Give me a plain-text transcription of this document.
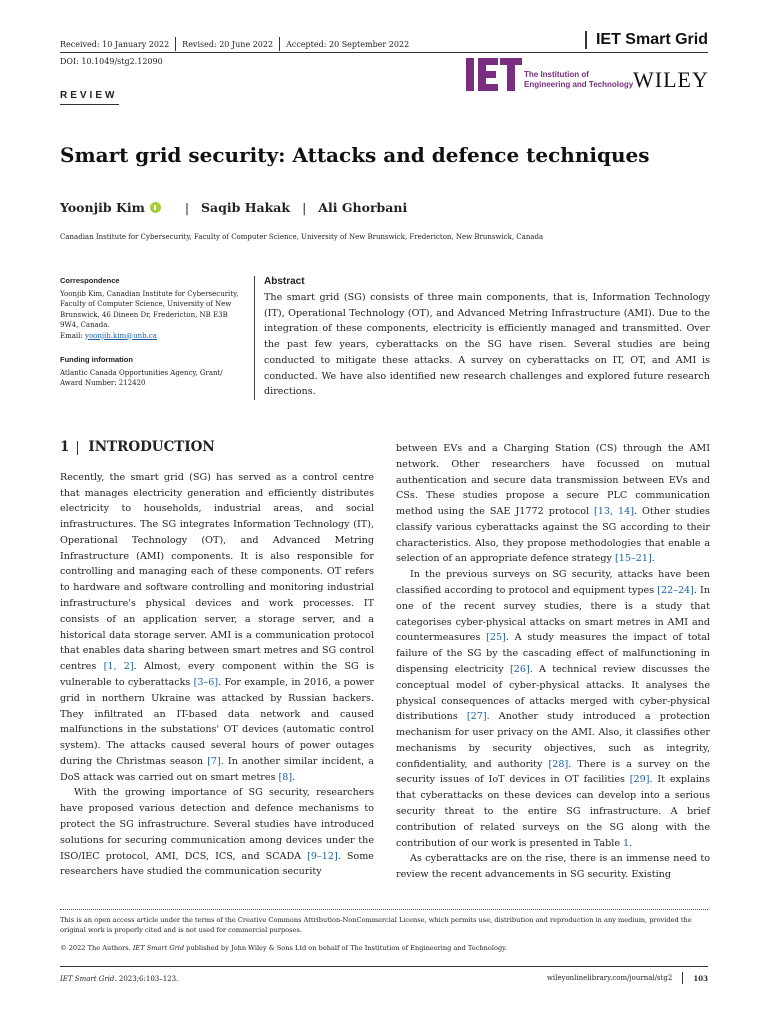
Received: 10 January 2022 Revised: 20 June 2022 Accepted: 20 September 2022	IET Smart Grid
DOI: 10.1049/stg2.12090
The Institution of
Engineering and Technology WILEY
REVIEW
Smart grid security: Attacks and defence techniques
Yoonjib Kim	| Saqib Hakak | Ali Ghorbani
Canadian Institute for Cybersecurity, Faculty of Computer Science, University of New Brunswick, Fredericton, New Brunswick, Canada
Correspondence
Yoonjib Kim, Canadian Institute for Cybersecurity, Faculty of Computer Science, University of New Brunswick, 46 Dineen Dr, Fredericton, NB E3B 9W4, Canada.
Email: yoonjib.kim@unb.ca
Funding information
Atlantic Canada Opportunities Agency, Grant/ Award Number: 212420
Abstract

The smart grid (SG) consists of three main components, that is, Information Technology (IT), Operational Technology (OT), and Advanced Metring Infrastructure (AMI). Due to the integration of these components, electricity is efficiently managed and transmitted. Over the past few years, cyberattacks on the SG have risen. Several studies are being conducted to mitigate these attacks. A survey on cyberattacks on IT, OT, and AMI is conducted. We have also identified new research challenges and explored future research directions.

1 INTRODUCTION

Recently, the smart grid (SG) has served as a control centre that manages electricity generation and efficiently distributes electricity to households, industrial areas, and social infrastructures. The SG integrates Information Technology (IT), Operational Technology (OT), and Advanced Metring Infrastructure (AMI) components. It is also responsible for controlling and managing each of these components. OT refers to hardware and software controlling and monitoring industrial infrastructure's physical devices and work processes. IT consists of an application server, a storage server, and a historical data storage server. AMI is a communication protocol that enables data sharing between smart metres and SG control centres [1, 2]. Almost, every component within the SG is vulnerable to cyberattacks [3–6]. For example, in 2016, a power grid in northern Ukraine was attacked by Russian hackers. They infiltrated an IT-based data network and caused malfunctions in the substations' OT devices (automatic control system). The attacks caused several hours of power outages during the Christmas season [7]. In another similar incident, a DoS attack was carried out on smart metres [8].

With the growing importance of SG security, researchers have proposed various detection and defence mechanisms to protect the SG infrastructure. Several studies have introduced solutions for securing communication among devices under the ISO/IEC protocol, AMI, DCS, ICS, and SCADA [9–12]. Some researchers have studied the communication security

between EVs and a Charging Station (CS) through the AMI network. Other researchers have focussed on mutual authentication and secure data transmission between EVs and CSs. These studies propose a secure PLC communication method using the SAE J1772 protocol [13, 14]. Other studies classify various cyberattacks against the SG according to their characteristics. Also, they propose methodologies that enable a selection of an appropriate defence strategy [15–21].

In the previous surveys on SG security, attacks have been classified according to protocol and equipment types [22–24]. In one of the recent survey studies, there is a study that categorises cyber-physical attacks on smart metres in AMI and countermeasures [25]. A study measures the impact of total failure of the SG by the cascading effect of malfunctioning in dispensing electricity [26]. A technical review discusses the conceptual model of cyber-physical attacks. It analyses the physical consequences of attacks merged with cyber-physical distributions [27]. Another study introduced a protection mechanism for user privacy on the AMI. Also, it classifies other mechanisms by security objectives, such as integrity, confidentiality, and authority [28]. There is a survey on the security issues of IoT devices in OT facilities [29]. It explains that cyberattacks on these devices can develop into a serious security threat to the entire SG infrastructure. A brief contribution of related surveys on the SG along with the contribution of our work is presented in Table 1.

As cyberattacks are on the rise, there is an immense need to review the recent advancements in SG security. Existing

This is an open access article under the terms of the Creative Commons Attribution-NonCommercial License, which permits use, distribution and reproduction in any medium, provided the original work is properly cited and is not used for commercial purposes.
© 2022 The Authors. IET Smart Grid published by John Wiley & Sons Ltd on behalf of The Institution of Engineering and Technology.
IET Smart Grid. 2023;6:103–123.	wileyonlinelibrary.com/journal/stg2	103
